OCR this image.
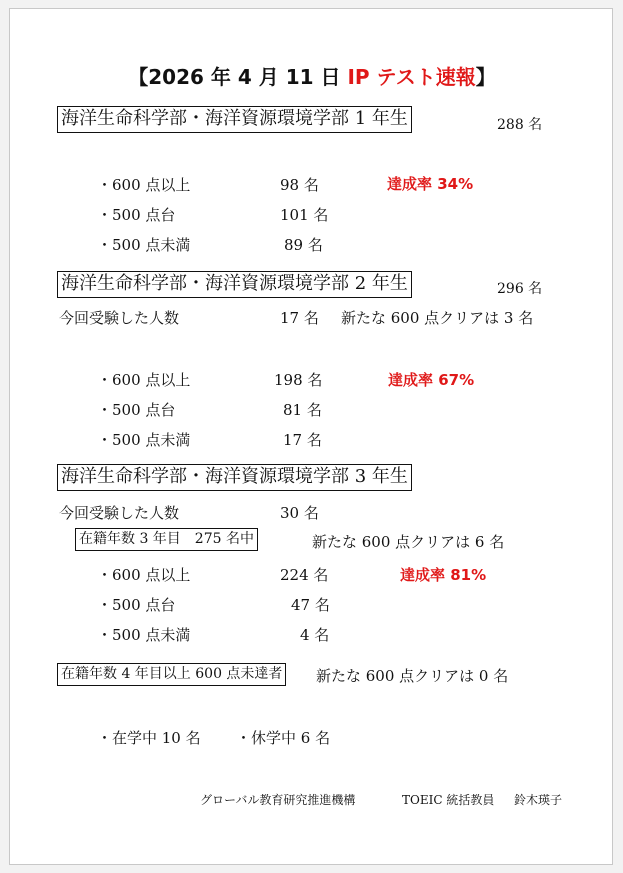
【2026 年 4 月 11 日 IP テスト速報】
海洋生命科学部・海洋資源環境学部 1 年生	288 名
・600 点以上	98 名	達成率 34%
・500 点台	101 名
・500 点未満	89 名
海洋生命科学部・海洋資源環境学部 2 年生	296 名
今回受験した人数	17 名 新たな 600 点クリアは 3 名
・600 点以上	198 名	達成率 67%
・500 点台	81 名
・500 点未満	17 名
海洋生命科学部・海洋資源環境学部 3 年生
今回受験した人数	30 名
在籍年数 3 年目　275 名中	新たな 600 点クリアは 6 名
・600 点以上	224 名	達成率 81%
・500 点台	47 名
・500 点未満	4 名
在籍年数 4 年目以上 600 点未達者 新たな 600 点クリアは 0 名
・在学中 10 名 ・休学中 6 名
グローバル教育研究推進機構	TOEIC 統括教員 鈴木瑛子
